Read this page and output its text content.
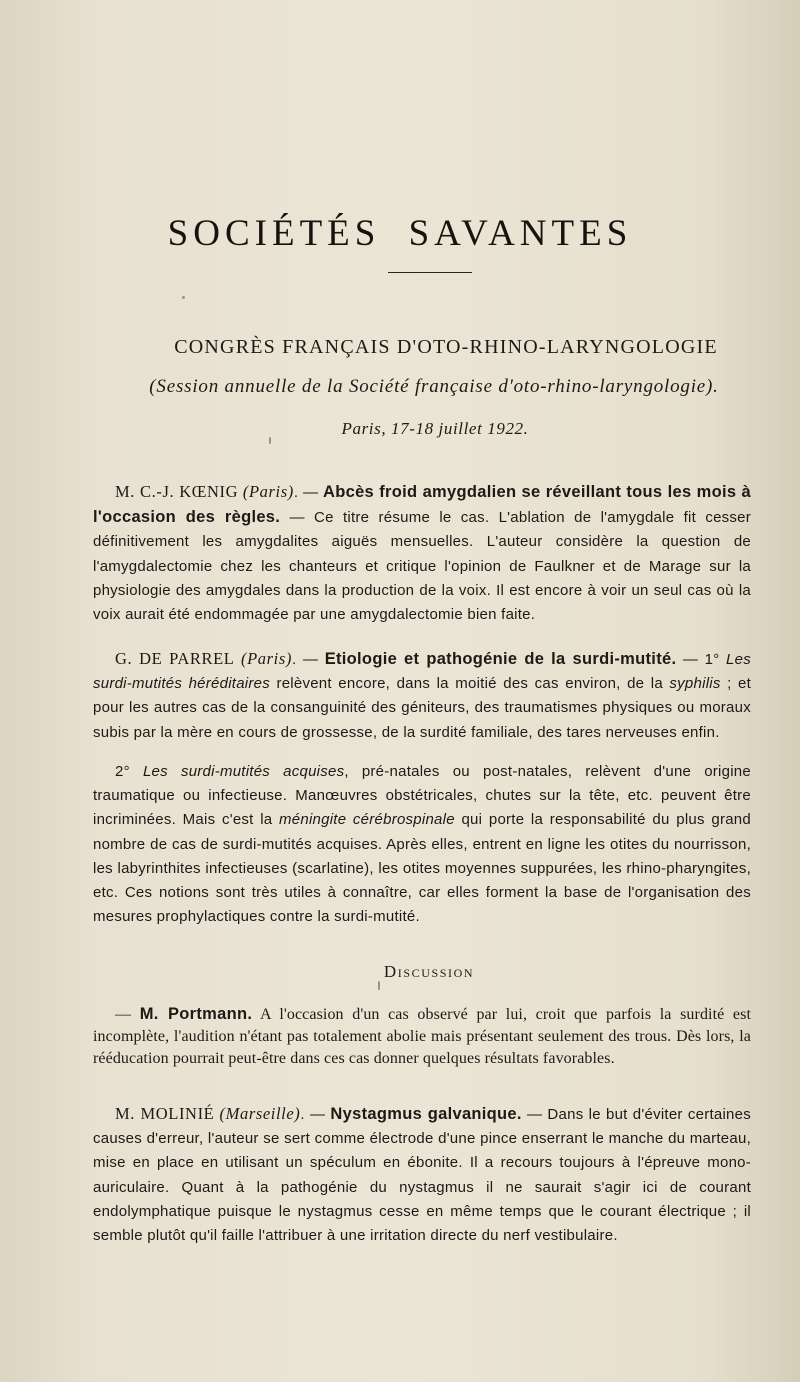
SOCIÉTÉS SAVANTES
CONGRÈS FRANÇAIS D'OTO-RHINO-LARYNGOLOGIE
(Session annuelle de la Société française d'oto-rhino-laryngologie).
Paris, 17-18 juillet 1922.

M. C.-J. KŒNIG (Paris). — Abcès froid amygdalien se réveillant tous les mois à l'occasion des règles. — Ce titre résume le cas. L'ablation de l'amygdale fit cesser définitivement les amygdalites aiguës mensuelles. L'auteur considère la question de l'amygdalectomie chez les chanteurs et critique l'opinion de Faulkner et de Marage sur la physiologie des amygdales dans la production de la voix. Il est encore à voir un seul cas où la voix aurait été endommagée par une amygdalectomie bien faite.

G. DE PARREL (Paris). — Etiologie et pathogénie de la surdi-mutité. — 1° Les surdi-mutités héréditaires relèvent encore, dans la moitié des cas environ, de la syphilis ; et pour les autres cas de la consanguinité des géniteurs, des traumatismes physiques ou moraux subis par la mère en cours de grossesse, de la surdité familiale, des tares nerveuses enfin.

2° Les surdi-mutités acquises, pré-natales ou post-natales, relèvent d'une origine traumatique ou infectieuse. Manœuvres obstétricales, chutes sur la tête, etc. peuvent être incriminées. Mais c'est la méningite cérébrospinale qui porte la responsabilité du plus grand nombre de cas de surdi-mutités acquises. Après elles, entrent en ligne les otites du nourrisson, les labyrinthites infectieuses (scarlatine), les otites moyennes suppurées, les rhino-pharyngites, etc. Ces notions sont très utiles à connaître, car elles forment la base de l'organisation des mesures prophylactiques contre la surdi-mutité.

Discussion

— M. Portmann. A l'occasion d'un cas observé par lui, croit que parfois la surdité est incomplète, l'audition n'étant pas totalement abolie mais présentant seulement des trous. Dès lors, la rééducation pourrait peut-être dans ces cas donner quelques résultats favorables.

M. MOLINIÉ (Marseille). — Nystagmus galvanique. — Dans le but d'éviter certaines causes d'erreur, l'auteur se sert comme électrode d'une pince enserrant le manche du marteau, mise en place en utilisant un spéculum en ébonite. Il a recours toujours à l'épreuve mono-auriculaire. Quant à la pathogénie du nystagmus il ne saurait s'agir ici de courant endolymphatique puisque le nystagmus cesse en même temps que le courant électrique ; il semble plutôt qu'il faille l'attribuer à une irritation directe du nerf vestibulaire.
